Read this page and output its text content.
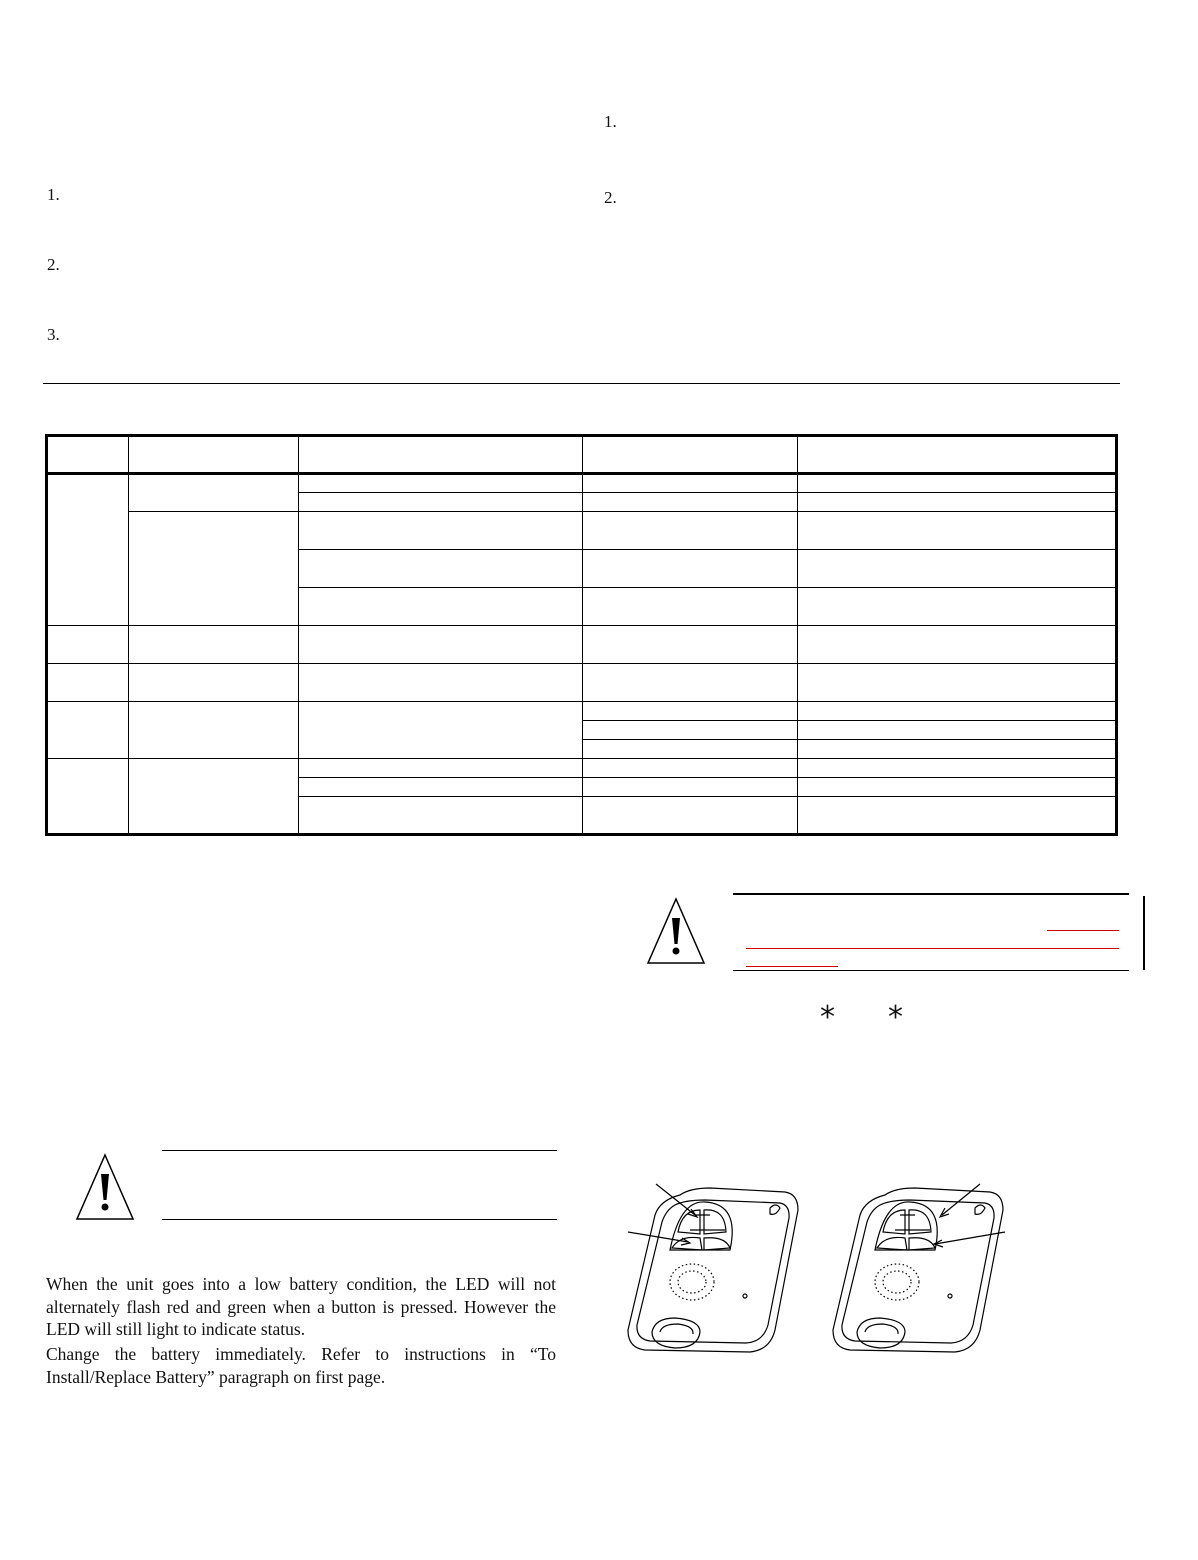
1.
2.
1.
2.
3.

* *

When the unit goes into a low battery condition, the LED will not alternately flash red and green when a button is pressed. However the LED will still light to indicate status.

Change the battery immediately. Refer to instructions in “To Install/Replace Battery” paragraph on first page.
